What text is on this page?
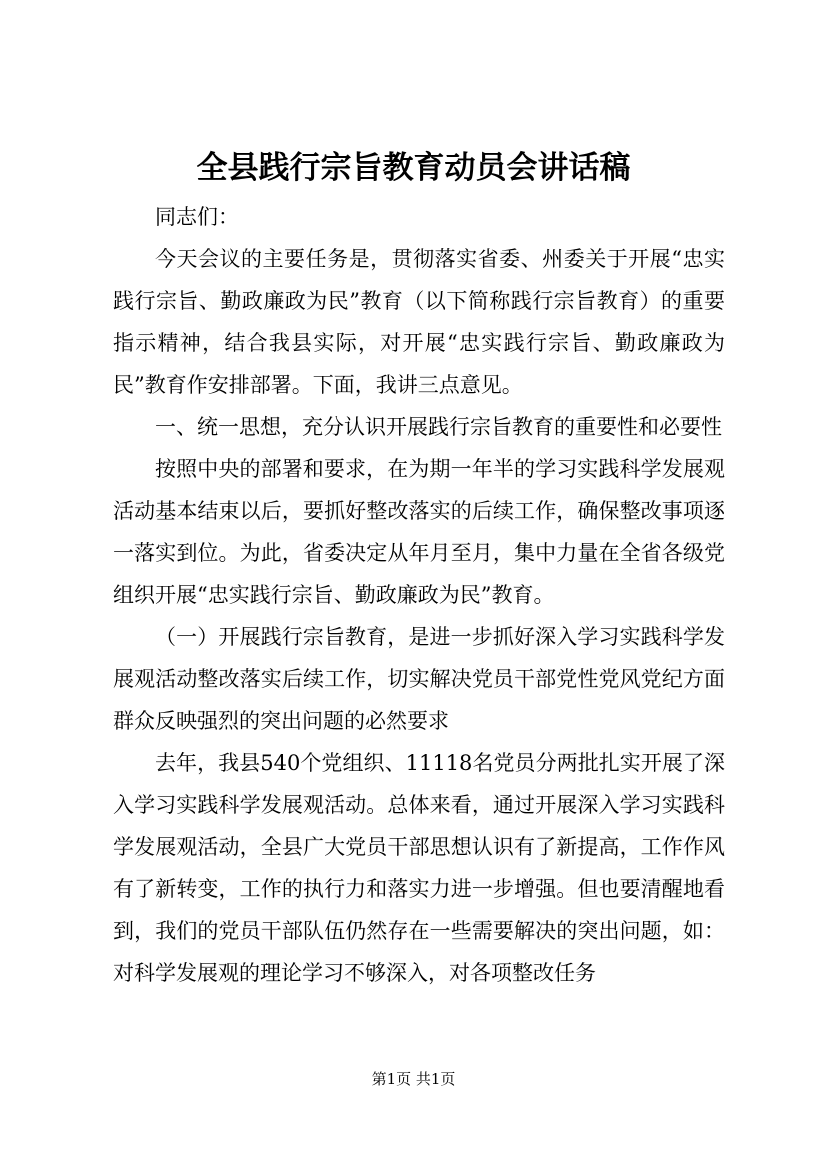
全县践行宗旨教育动员会讲话稿

同志们：

今天会议的主要任务是，贯彻落实省委、州委关于开展“忠实践行宗旨、勤政廉政为民”教育（以下简称践行宗旨教育）的重要指示精神，结合我县实际，对开展“忠实践行宗旨、勤政廉政为民”教育作安排部署。下面，我讲三点意见。

一、统一思想，充分认识开展践行宗旨教育的重要性和必要性

按照中央的部署和要求，在为期一年半的学习实践科学发展观活动基本结束以后，要抓好整改落实的后续工作，确保整改事项逐一落实到位。为此，省委决定从年月至月，集中力量在全省各级党组织开展“忠实践行宗旨、勤政廉政为民”教育。

（一）开展践行宗旨教育，是进一步抓好深入学习实践科学发展观活动整改落实后续工作，切实解决党员干部党性党风党纪方面群众反映强烈的突出问题的必然要求

去年，我县540个党组织、11118名党员分两批扎实开展了深入学习实践科学发展观活动。总体来看，通过开展深入学习实践科学发展观活动，全县广大党员干部思想认识有了新提高，工作作风有了新转变，工作的执行力和落实力进一步增强。但也要清醒地看到，我们的党员干部队伍仍然存在一些需要解决的突出问题，如：对科学发展观的理论学习不够深入，对各项整改任务

第1页 共1页
